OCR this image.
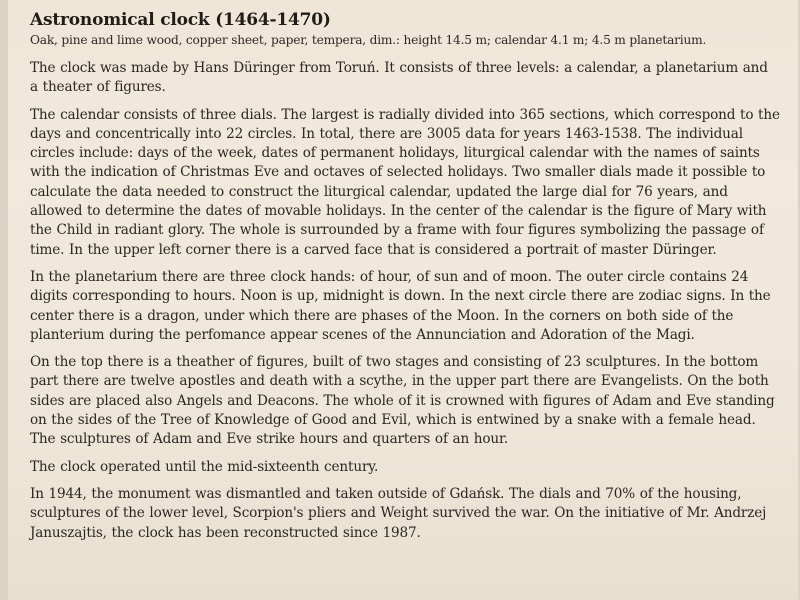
Astronomical clock (1464-1470)

Oak, pine and lime wood, copper sheet, paper, tempera, dim.: height 14.5 m; calendar 4.1 m; 4.5 m planetarium.

The clock was made by Hans Düringer from Toruń. It consists of three levels: a calendar, a planetarium and a theater of figures.

The calendar consists of three dials. The largest is radially divided into 365 sections, which correspond to the days and concentrically into 22 circles. In total, there are 3005 data for years 1463-1538. The individual circles include: days of the week, dates of permanent holidays, liturgical calendar with the names of saints with the indication of Christmas Eve and octaves of selected holidays. Two smaller dials made it possible to calculate the data needed to construct the liturgical calendar, updated the large dial for 76 years, and allowed to determine the dates of movable holidays. In the center of the calendar is the figure of Mary with the Child in radiant glory. The whole is surrounded by a frame with four figures symbolizing the passage of time. In the upper left corner there is a carved face that is considered a portrait of master Düringer.

In the planetarium there are three clock hands: of hour, of sun and of moon. The outer circle contains 24 digits corresponding to hours. Noon is up, midnight is down. In the next circle there are zodiac signs. In the center there is a dragon, under which there are phases of the Moon. In the corners on both side of the planterium during the perfomance appear scenes of the Annunciation and Adoration of the Magi.

On the top there is a theather of figures, built of two stages and consisting of 23 sculptures. In the bottom part there are twelve apostles and death with a scythe, in the upper part there are Evangelists. On the both sides are placed also Angels and Deacons. The whole of it is crowned with figures of Adam and Eve standing on the sides of the Tree of Knowledge of Good and Evil, which is entwined by a snake with a female head. The sculptures of Adam and Eve strike hours and quarters of an hour.

The clock operated until the mid-sixteenth century.

In 1944, the monument was dismantled and taken outside of Gdańsk. The dials and 70% of the housing, sculptures of the lower level, Scorpion's pliers and Weight survived the war. On the initiative of Mr. Andrzej Januszajtis, the clock has been reconstructed since 1987.
